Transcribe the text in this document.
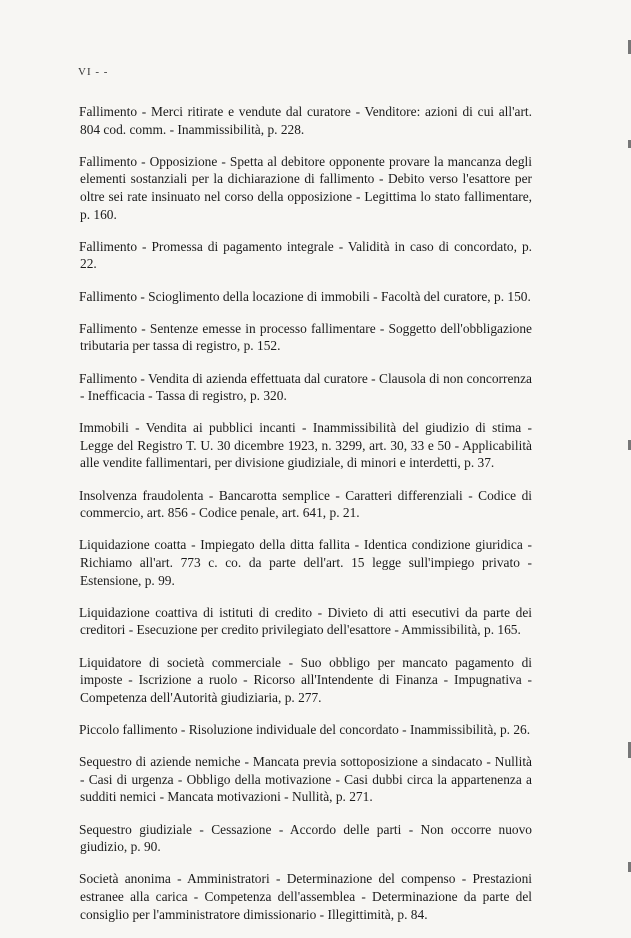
VI - -

Fallimento - Merci ritirate e vendute dal curatore - Venditore: azioni di cui all'art. 804 cod. comm. - Inammissibilità, p. 228.

Fallimento - Opposizione - Spetta al debitore opponente provare la mancanza degli elementi sostanziali per la dichiarazione di fallimento - Debito verso l'esattore per oltre sei rate insinuato nel corso della opposizione - Legittima lo stato fallimentare, p. 160.

Fallimento - Promessa di pagamento integrale - Validità in caso di concordato, p. 22.

Fallimento - Scioglimento della locazione di immobili - Facoltà del curatore, p. 150.

Fallimento - Sentenze emesse in processo fallimentare - Soggetto dell'obbligazione tributaria per tassa di registro, p. 152.

Fallimento - Vendita di azienda effettuata dal curatore - Clausola di non concorrenza - Inefficacia - Tassa di registro, p. 320.

Immobili - Vendita ai pubblici incanti - Inammissibilità del giudizio di stima - Legge del Registro T. U. 30 dicembre 1923, n. 3299, art. 30, 33 e 50 - Applicabilità alle vendite fallimentari, per divisione giudiziale, di minori e interdetti, p. 37.

Insolvenza fraudolenta - Bancarotta semplice - Caratteri differenziali - Codice di commercio, art. 856 - Codice penale, art. 641, p. 21.

Liquidazione coatta - Impiegato della ditta fallita - Identica condizione giuridica - Richiamo all'art. 773 c. co. da parte dell'art. 15 legge sull'impiego privato - Estensione, p. 99.

Liquidazione coattiva di istituti di credito - Divieto di atti esecutivi da parte dei creditori - Esecuzione per credito privilegiato dell'esattore - Ammissibilità, p. 165.

Liquidatore di società commerciale - Suo obbligo per mancato pagamento di imposte - Iscrizione a ruolo - Ricorso all'Intendente di Finanza - Impugnativa - Competenza dell'Autorità giudiziaria, p. 277.

Piccolo fallimento - Risoluzione individuale del concordato - Inammissibilità, p. 26.

Sequestro di aziende nemiche - Mancata previa sottoposizione a sindacato - Nullità - Casi di urgenza - Obbligo della motivazione - Casi dubbi circa la appartenenza a sudditi nemici - Mancata motivazioni - Nullità, p. 271.

Sequestro giudiziale - Cessazione - Accordo delle parti - Non occorre nuovo giudizio, p. 90.

Società anonima - Amministratori - Determinazione del compenso - Prestazioni estranee alla carica - Competenza dell'assemblea - Determinazione da parte del consiglio per l'amministratore dimissionario - Illegittimità, p. 84.
